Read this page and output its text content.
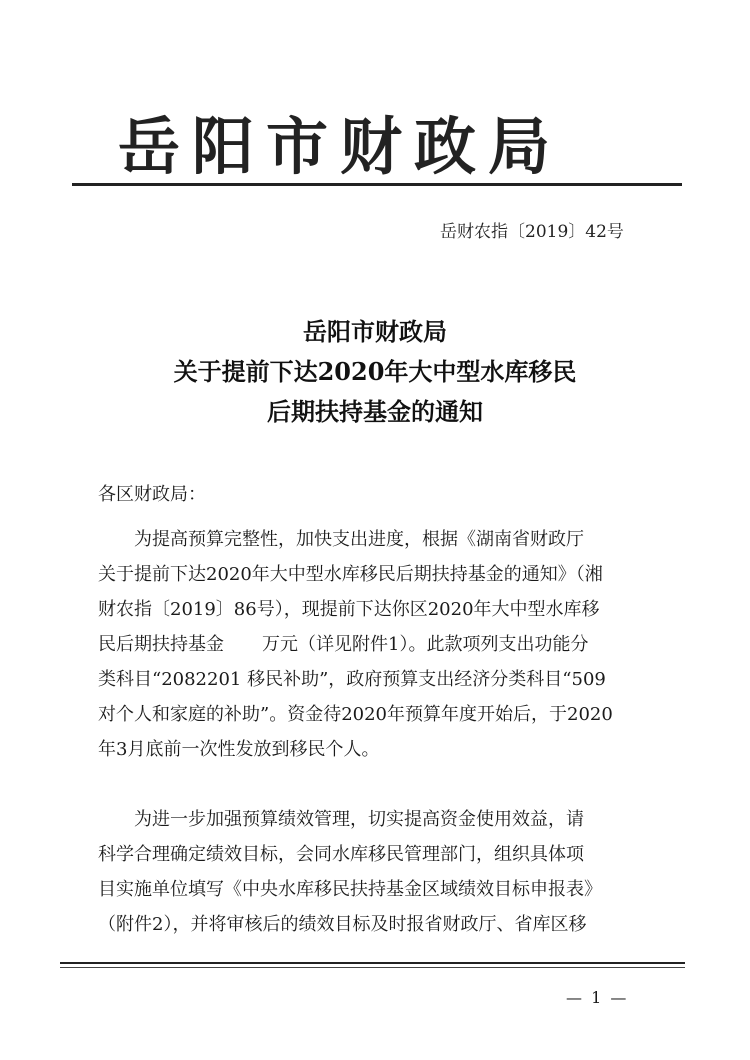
岳阳市财政局
岳财农指〔2019〕42号
岳阳市财政局
关于提前下达2020年大中型水库移民
后期扶持基金的通知
各区财政局：
为提高预算完整性，加快支出进度，根据《湖南省财政厅
关于提前下达2020年大中型水库移民后期扶持基金的通知》（湘
财农指〔2019〕86号），现提前下达你区2020年大中型水库移
民后期扶持基金 万元（详见附件1）。此款项列支出功能分
类科目“2082201 移民补助”，政府预算支出经济分类科目“509
对个人和家庭的补助”。资金待2020年预算年度开始后，于2020
年3月底前一次性发放到移民个人。
为进一步加强预算绩效管理，切实提高资金使用效益，请
科学合理确定绩效目标，会同水库移民管理部门，组织具体项
目实施单位填写《中央水库移民扶持基金区域绩效目标申报表》
（附件2），并将审核后的绩效目标及时报省财政厅、省库区移
— 1 —
